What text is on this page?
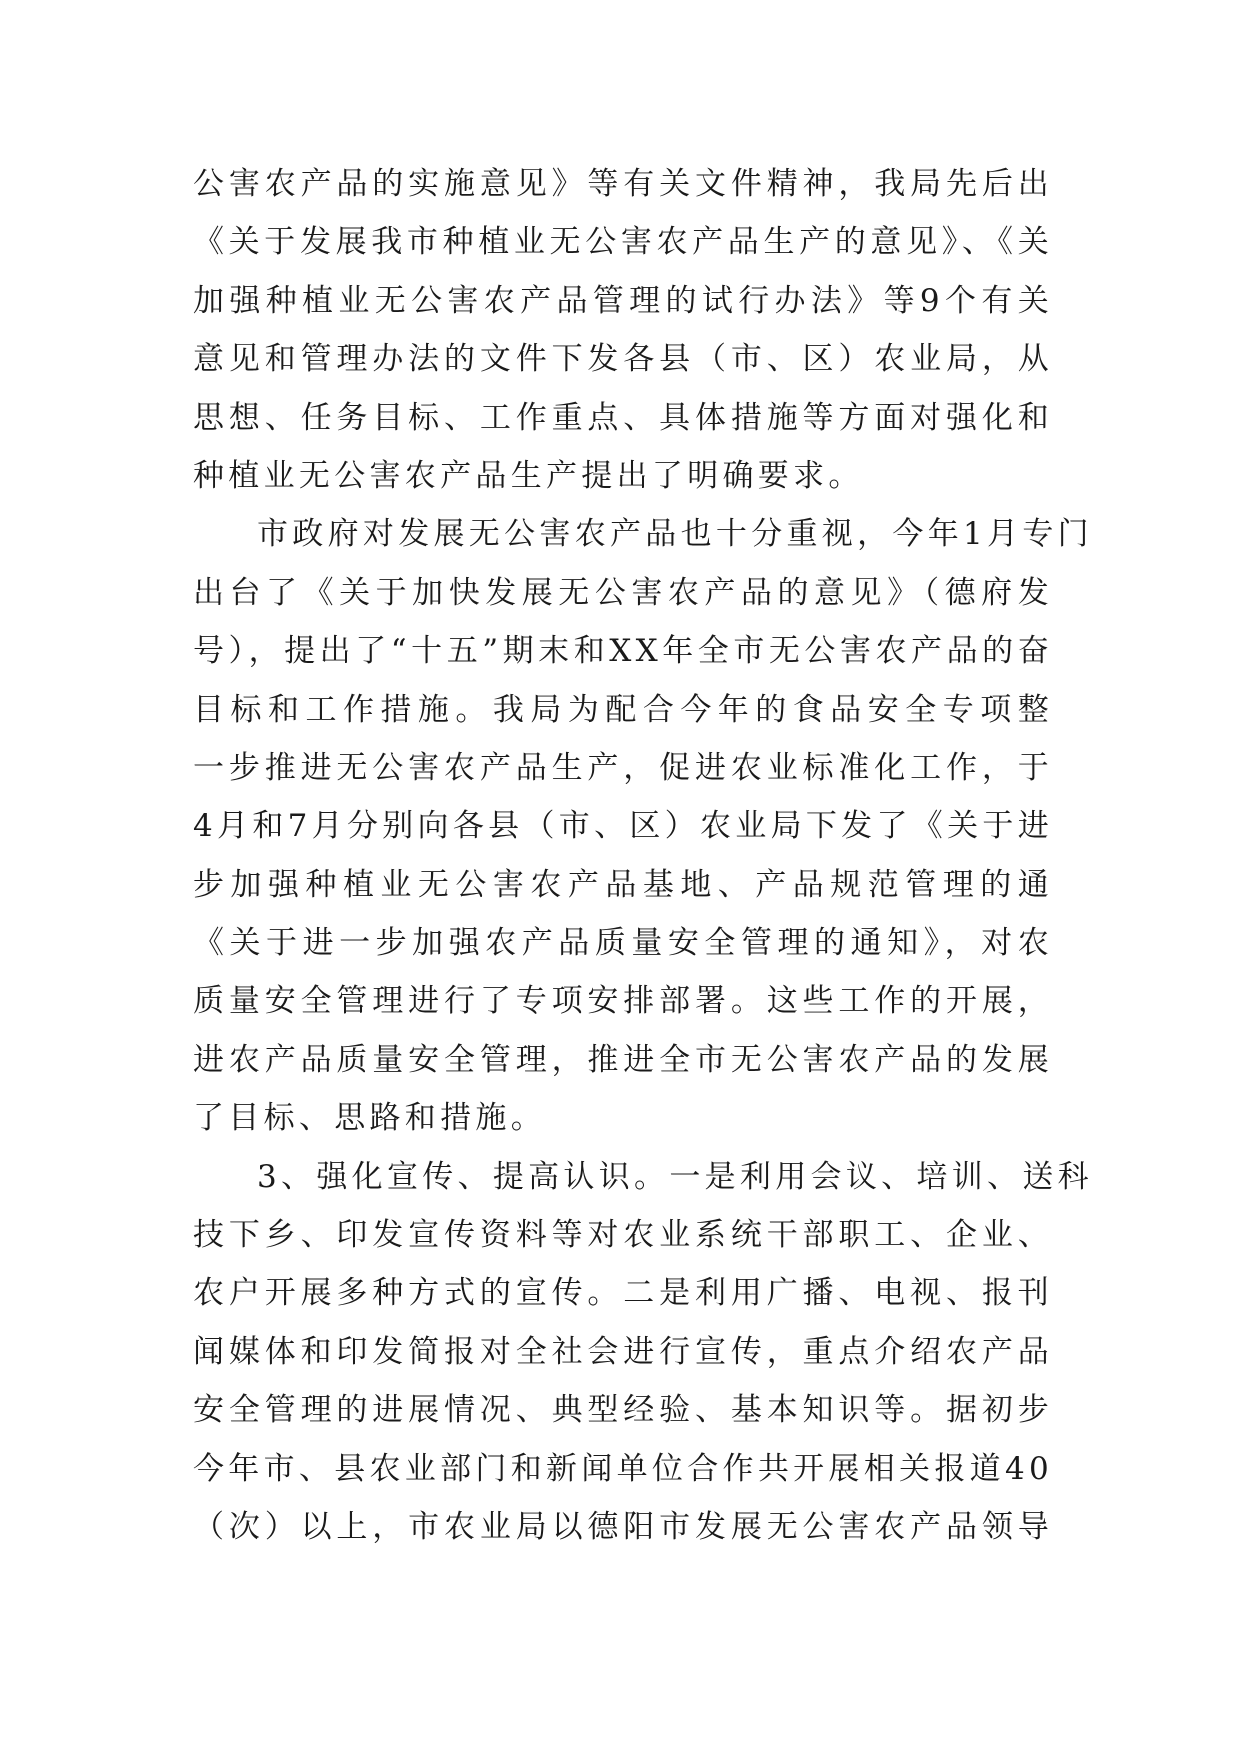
公害农产品的实施意见》等有关文件精神，我局先后出
《关于发展我市种植业无公害农产品生产的意见》、《关
加强种植业无公害农产品管理的试行办法》等9个有关
意见和管理办法的文件下发各县（市、区）农业局，从
思想、任务目标、工作重点、具体措施等方面对强化和
种植业无公害农产品生产提出了明确要求。
市政府对发展无公害农产品也十分重视，今年1月专门
出台了《关于加快发展无公害农产品的意见》（德府发
号），提出了“十五”期末和XX年全市无公害农产品的奋
目标和工作措施。我局为配合今年的食品安全专项整
一步推进无公害农产品生产，促进农业标准化工作，于
4月和7月分别向各县（市、区）农业局下发了《关于进
步加强种植业无公害农产品基地、产品规范管理的通
《关于进一步加强农产品质量安全管理的通知》，对农
质量安全管理进行了专项安排部署。这些工作的开展，
进农产品质量安全管理，推进全市无公害农产品的发展
了目标、思路和措施。
3、强化宣传、提高认识。一是利用会议、培训、送科
技下乡、印发宣传资料等对农业系统干部职工、企业、
农户开展多种方式的宣传。二是利用广播、电视、报刊
闻媒体和印发简报对全社会进行宣传，重点介绍农产品
安全管理的进展情况、典型经验、基本知识等。据初步
今年市、县农业部门和新闻单位合作共开展相关报道40
（次）以上，市农业局以德阳市发展无公害农产品领导
